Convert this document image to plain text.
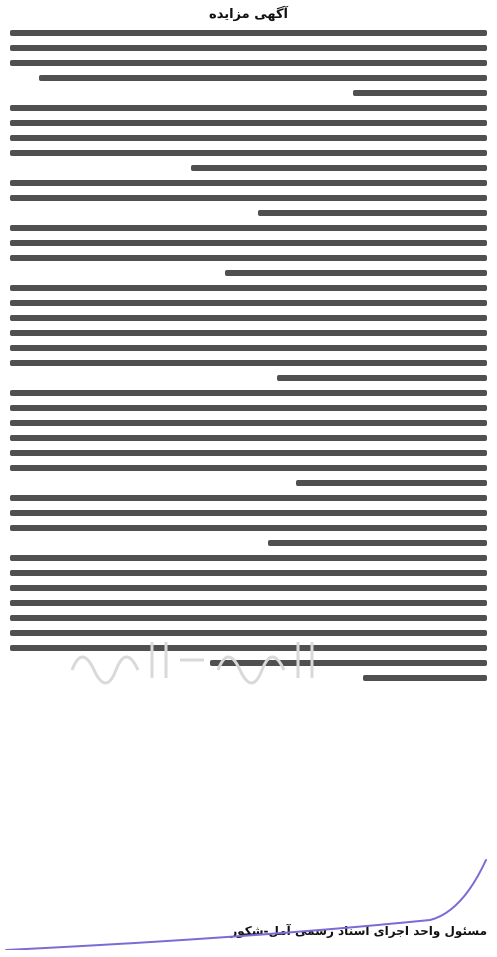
آگهی مزایده
مسئول واحد اجرای اسناد رسمی آمل-شکور
